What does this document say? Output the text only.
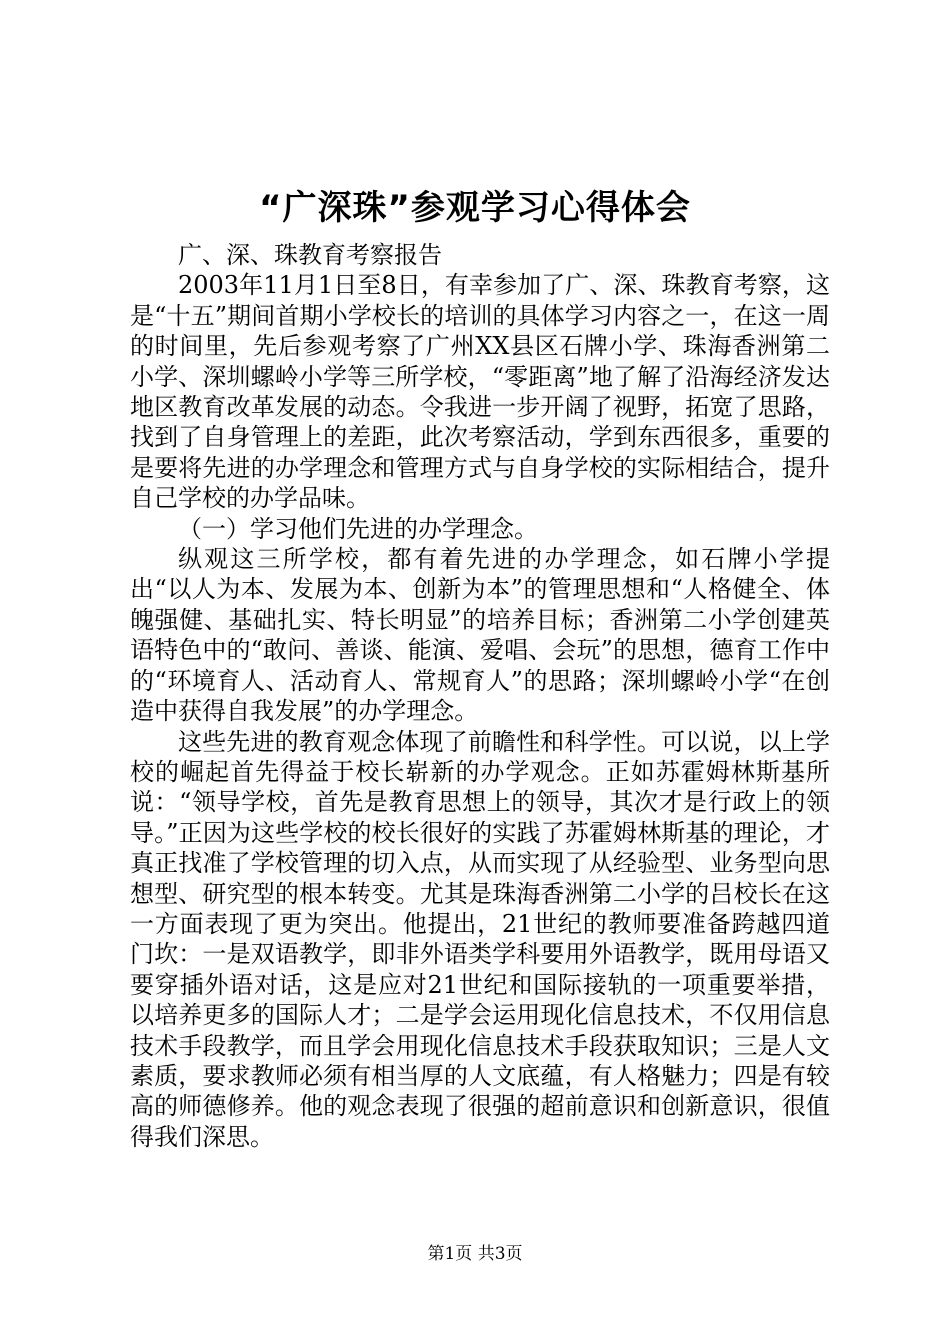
“广深珠”参观学习心得体会

广、深、珠教育考察报告

2003年11月1日至8日，有幸参加了广、深、珠教育考察，这是“十五”期间首期小学校长的培训的具体学习内容之一，在这一周的时间里，先后参观考察了广州XX县区石牌小学、珠海香洲第二小学、深圳螺岭小学等三所学校，“零距离”地了解了沿海经济发达地区教育改革发展的动态。令我进一步开阔了视野，拓宽了思路，找到了自身管理上的差距，此次考察活动，学到东西很多，重要的是要将先进的办学理念和管理方式与自身学校的实际相结合，提升自己学校的办学品味。

（一）学习他们先进的办学理念。

纵观这三所学校，都有着先进的办学理念，如石牌小学提出“以人为本、发展为本、创新为本”的管理思想和“人格健全、体魄强健、基础扎实、特长明显”的培养目标；香洲第二小学创建英语特色中的“敢问、善谈、能演、爱唱、会玩”的思想，德育工作中的“环境育人、活动育人、常规育人”的思路；深圳螺岭小学“在创造中获得自我发展”的办学理念。

这些先进的教育观念体现了前瞻性和科学性。可以说，以上学校的崛起首先得益于校长崭新的办学观念。正如苏霍姆林斯基所说：“领导学校，首先是教育思想上的领导，其次才是行政上的领导。”正因为这些学校的校长很好的实践了苏霍姆林斯基的理论，才真正找准了学校管理的切入点，从而实现了从经验型、业务型向思想型、研究型的根本转变。尤其是珠海香洲第二小学的吕校长在这一方面表现了更为突出。他提出，21世纪的教师要准备跨越四道门坎：一是双语教学，即非外语类学科要用外语教学，既用母语又要穿插外语对话，这是应对21世纪和国际接轨的一项重要举措，以培养更多的国际人才；二是学会运用现化信息技术，不仅用信息技术手段教学，而且学会用现化信息技术手段获取知识；三是人文素质，要求教师必须有相当厚的人文底蕴，有人格魅力；四是有较高的师德修养。他的观念表现了很强的超前意识和创新意识，很值得我们深思。

第1页 共3页
